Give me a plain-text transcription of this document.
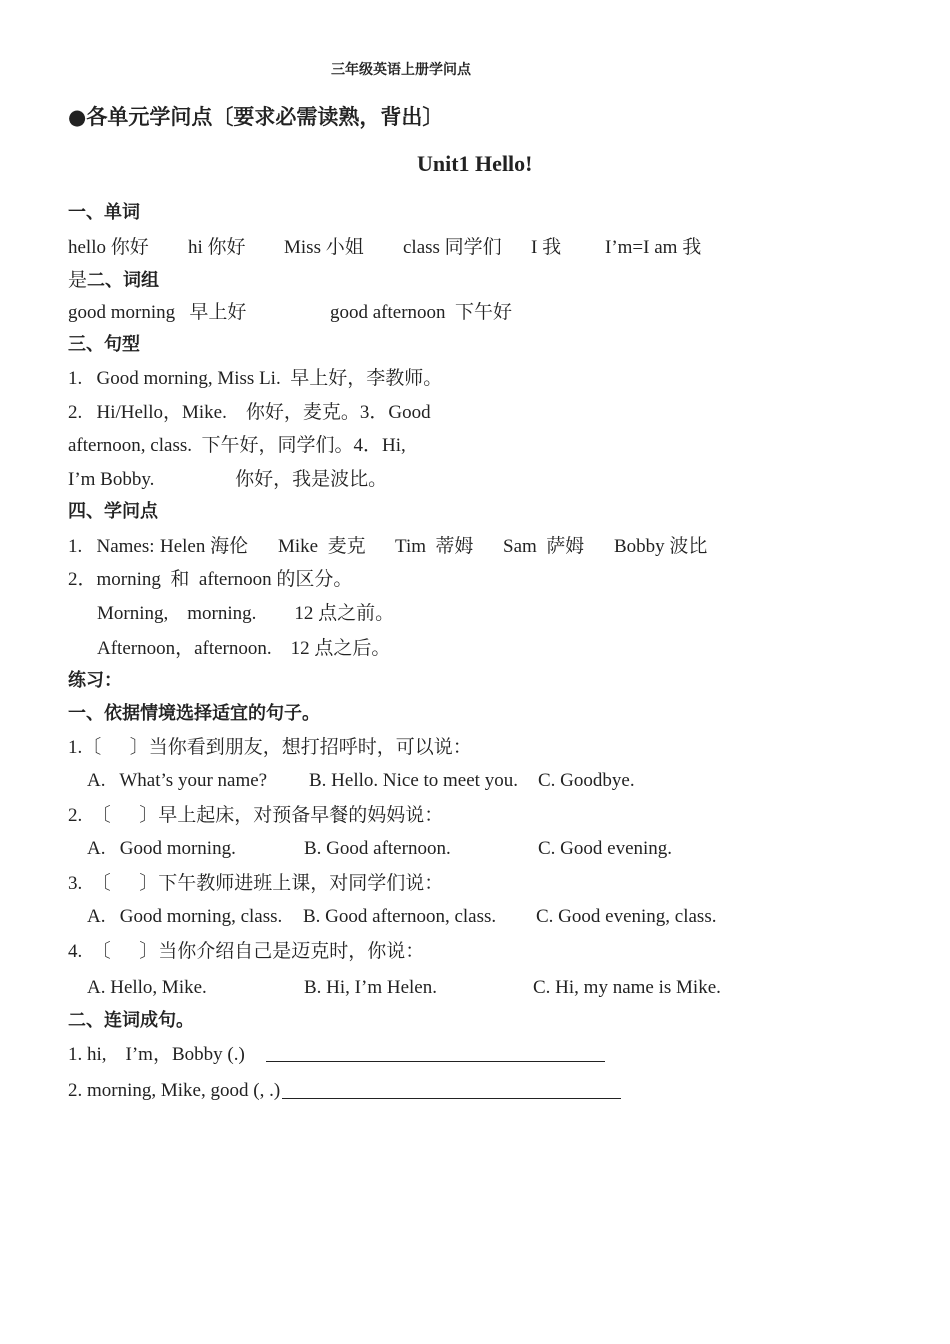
三年级英语上册学问点
●各单元学问点〔要求必需读熟，背出〕
Unit1 Hello!
一、单词
hello 你好 hi 你好 Miss 小姐 class 同学们 I 我 I’m=I am 我
是二、词组
good morning   早上好	good afternoon  下午好
三、句型
1.   Good morning, Miss Li.  早上好，李教师。
2.   Hi/Hello，Mike.    你好，麦克。3．Good
afternoon, class.  下午好，同学们。4．Hi,
I’m Bobby.                 你好，我是波比。
四、学问点
1.   Names: Helen 海伦 Mike  麦克 Tim  蒂姆 Sam  萨姆 Bobby 波比
2．morning  和  afternoon 的区分。
Morning,    morning.        12 点之前。
Afternoon，afternoon.    12 点之后。
练习：
一、依据情境选择适宜的句子。
1.〔      〕当你看到朋友，想打招呼时，可以说：
A.   What’s your name? B. Hello. Nice to meet you. C. Goodbye.
2.  〔      〕早上起床，对预备早餐的妈妈说：
A.   Good morning.	B. Good afternoon.	C. Good evening.
3.  〔      〕下午教师进班上课，对同学们说：
A.   Good morning, class. B. Good afternoon, class. C. Good evening, class.
4.  〔      〕当你介绍自己是迈克时，你说：
A. Hello, Mike.	B. Hi, I’m Helen.	C. Hi, my name is Mike.
二、连词成句。
1. hi,    I’m，Bobby (.)
2. morning, Mike, good (, .)
